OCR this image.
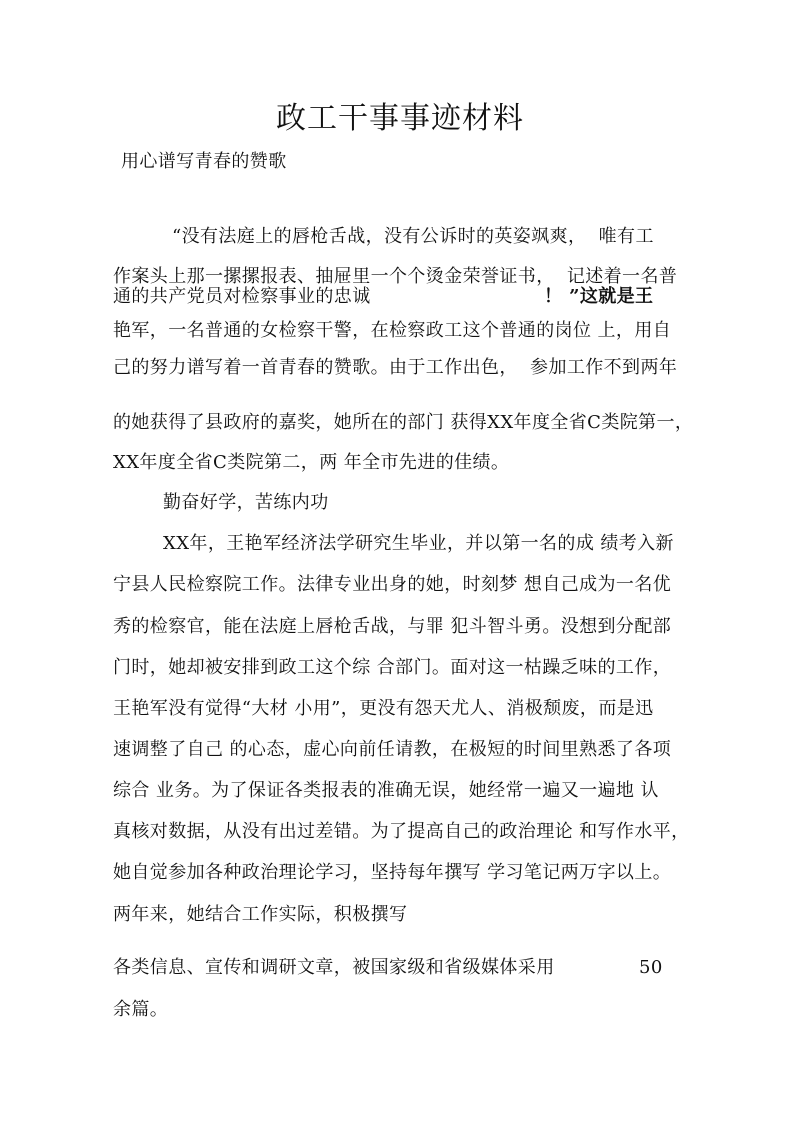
政工干事事迹材料
用心谱写青春的赞歌
“没有法庭上的唇枪舌战，没有公诉时的英姿飒爽，  唯有工
作案头上那一摞摞报表、抽屉里一个个烫金荣誉证书，  记述着一名普
通的共产党员对检察事业的忠诚	！ ”这就是王
艳军，一名普通的女检察干警，在检察政工这个普通的岗位 上，用自
己的努力谱写着一首青春的赞歌。由于工作出色，  参加工作不到两年
的她获得了县政府的嘉奖，她所在的部门 获得XX年度全省C类院第一，
XX年度全省C类院第二，两 年全市先进的佳绩。
勤奋好学，苦练内功
XX年，王艳军经济法学研究生毕业，并以第一名的成 绩考入新
宁县人民检察院工作。法律专业出身的她，时刻梦 想自己成为一名优
秀的检察官，能在法庭上唇枪舌战，与罪 犯斗智斗勇。没想到分配部
门时，她却被安排到政工这个综 合部门。面对这一枯躁乏味的工作，
王艳军没有觉得“大材 小用”，更没有怨天尤人、消极颓废，而是迅
速调整了自己 的心态，虚心向前任请教，在极短的时间里熟悉了各项
综合 业务。为了保证各类报表的准确无误，她经常一遍又一遍地 认
真核对数据，从没有出过差错。为了提高自己的政治理论 和写作水平，
她自觉参加各种政治理论学习，坚持每年撰写 学习笔记两万字以上。
两年来，她结合工作实际，积极撰写
各类信息、宣传和调研文章，被国家级和省级媒体采用	50
余篇。
